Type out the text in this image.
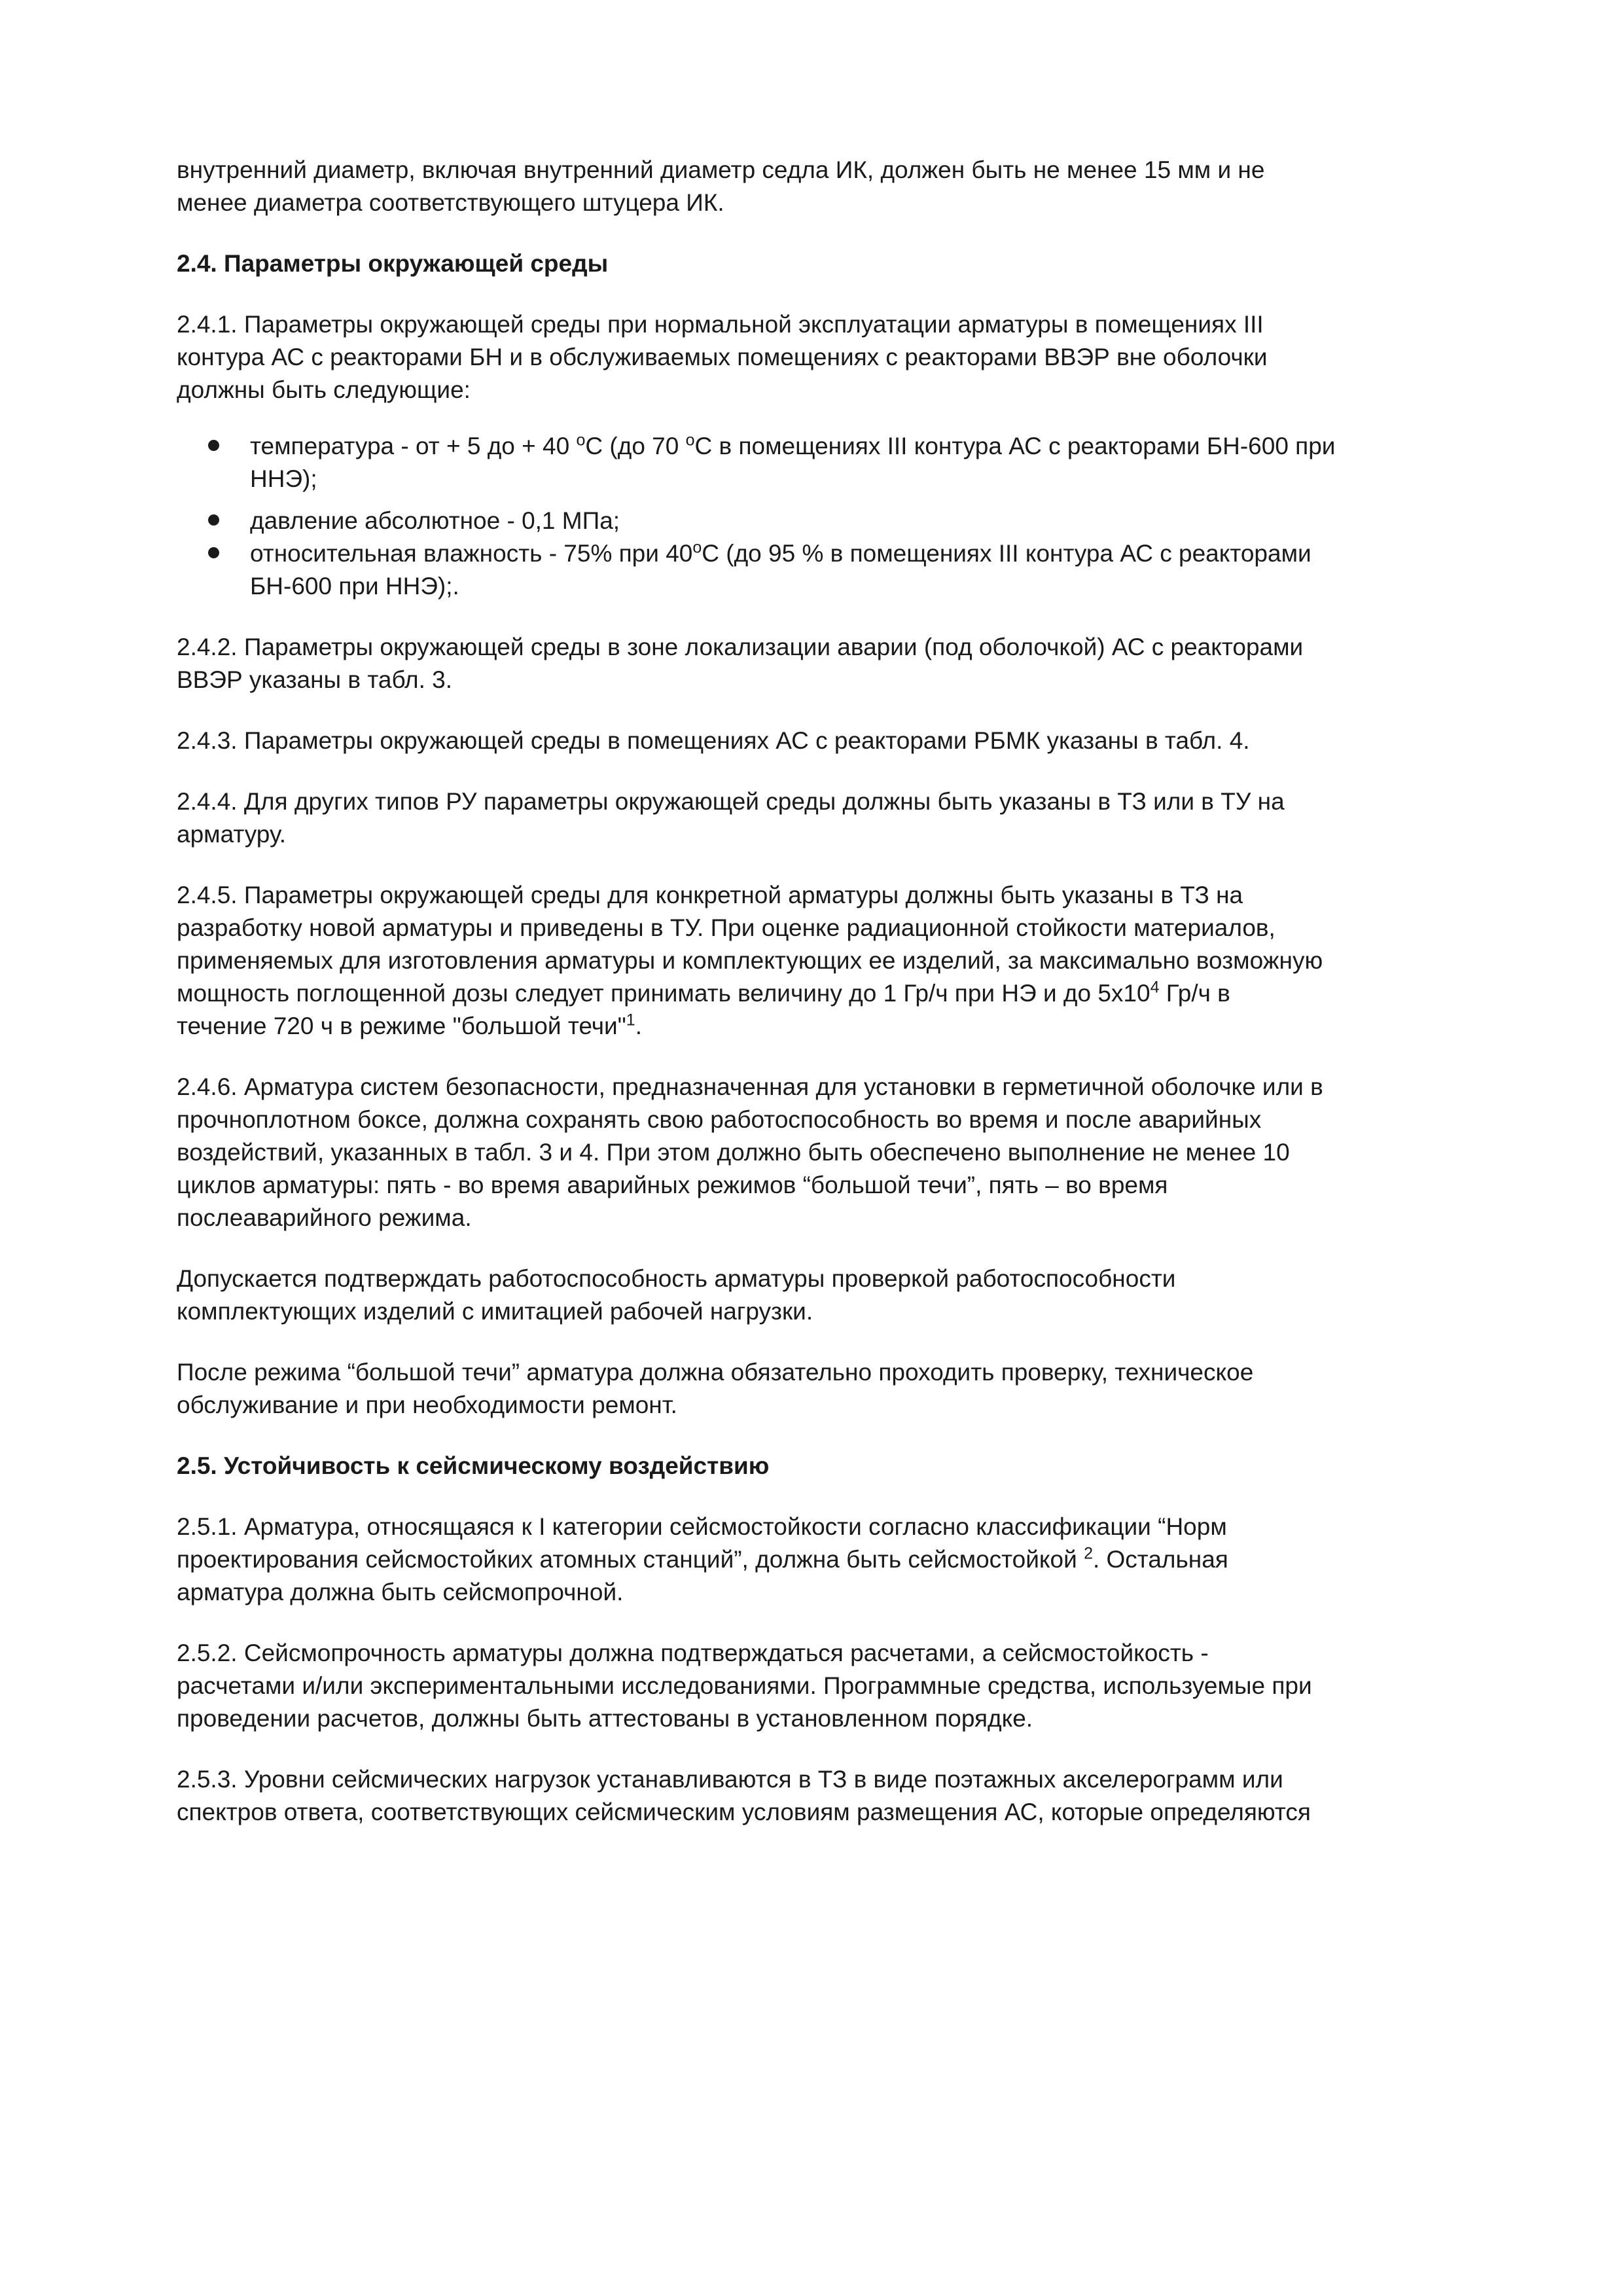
внутренний диаметр, включая внутренний диаметр седла ИК, должен быть не менее 15 мм и не
менее диаметра соответствующего штуцера ИК.

2.4. Параметры окружающей среды

2.4.1. Параметры окружающей среды при нормальной эксплуатации арматуры в помещениях III
контура АС с реакторами БН и в обслуживаемых помещениях с реакторами ВВЭР вне оболочки
должны быть следующие:

температура - от + 5 до + 40 $^о$С (до 70 $^о$С в помещениях III контура АС с реакторами БН-600 при
ННЭ);
давление абсолютное - 0,1 МПа;
относительная влажность - 75% при $40^оС$ (до 95 % в помещениях III контура АС с реакторами
БН-600 при ННЭ);.

2.4.2. Параметры окружающей среды в зоне локализации аварии (под оболочкой) АС с реакторами
ВВЭР указаны в табл. 3.

2.4.3. Параметры окружающей среды в помещениях АС с реакторами РБМК указаны в табл. 4.

2.4.4. Для других типов РУ параметры окружающей среды должны быть указаны в ТЗ или в ТУ на
арматуру.

2.4.5. Параметры окружающей среды для конкретной арматуры должны быть указаны в ТЗ на
разработку новой арматуры и приведены в ТУ. При оценке радиационной стойкости материалов,
применяемых для изготовления арматуры и комплектующих ее изделий, за максимально возможную
мощность поглощенной дозы следует принимать величину до 1 Гр/ч при НЭ и до $5х10^4$ Гр/ч в
течение 720 ч в режиме "большой течи"$^1$.

2.4.6. Арматура систем безопасности, предназначенная для установки в герметичной оболочке или в
прочноплотном боксе, должна сохранять свою работоспособность во время и после аварийных
воздействий, указанных в табл. 3 и 4. При этом должно быть обеспечено выполнение не менее 10
циклов арматуры: пять - во время аварийных режимов “большой течи”, пять – во время
послеаварийного режима.

Допускается подтверждать работоспособность арматуры проверкой работоспособности
комплектующих изделий с имитацией рабочей нагрузки.

После режима “большой течи” арматура должна обязательно проходить проверку, техническое
обслуживание и при необходимости ремонт.

2.5. Устойчивость к сейсмическому воздействию

2.5.1. Арматура, относящаяся к I категории сейсмостойкости согласно классификации “Норм
проектирования сейсмостойких атомных станций”, должна быть сейсмостойкой $^2$. Остальная
арматура должна быть сейсмопрочной.

2.5.2. Сейсмопрочность арматуры должна подтверждаться расчетами, а сейсмостойкость -
расчетами и/или экспериментальными исследованиями. Программные средства, используемые при
проведении расчетов, должны быть аттестованы в установленном порядке.

2.5.3. Уровни сейсмических нагрузок устанавливаются в ТЗ в виде поэтажных акселерограмм или
спектров ответа, соответствующих сейсмическим условиям размещения АС, которые определяются
